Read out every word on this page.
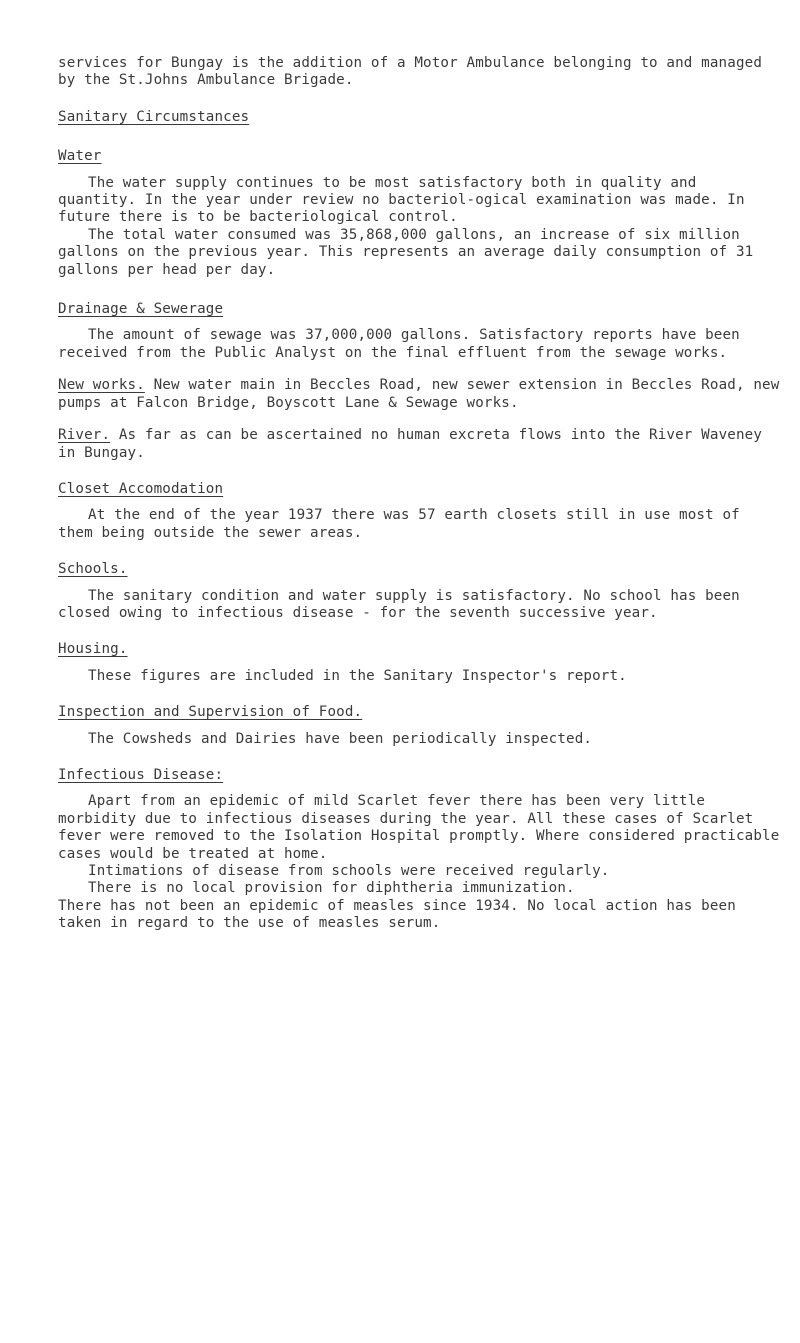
services for Bungay is the addition of a Motor Ambulance belonging to and managed by the St.Johns Ambulance Brigade.

Sanitary Circumstances

Water

The water supply continues to be most satisfactory both in quality and quantity. In the year under review no bacteriol-ogical examination was made. In future there is to be bacteriological control.

The total water consumed was 35,868,000 gallons, an increase of six million gallons on the previous year. This represents an average daily consumption of 31 gallons per head per day.

Drainage & Sewerage

The amount of sewage was 37,000,000 gallons. Satisfactory reports have been received from the Public Analyst on the final effluent from the sewage works.

New works. New water main in Beccles Road, new sewer extension in Beccles Road, new pumps at Falcon Bridge, Boyscott Lane & Sewage works.

River. As far as can be ascertained no human excreta flows into the River Waveney in Bungay.

Closet Accomodation

At the end of the year 1937 there was 57 earth closets still in use most of them being outside the sewer areas.

Schools.

The sanitary condition and water supply is satisfactory. No school has been closed owing to infectious disease - for the seventh successive year.

Housing.

These figures are included in the Sanitary Inspector's report.

Inspection and Supervision of Food.

The Cowsheds and Dairies have been periodically inspected.

Infectious Disease:

Apart from an epidemic of mild Scarlet fever there has been very little morbidity due to infectious diseases during the year. All these cases of Scarlet fever were removed to the Isolation Hospital promptly. Where considered practicable cases would be treated at home.

Intimations of disease from schools were received regularly.

There is no local provision for diphtheria immunization.

There has not been an epidemic of measles since 1934. No local action has been taken in regard to the use of measles serum.
